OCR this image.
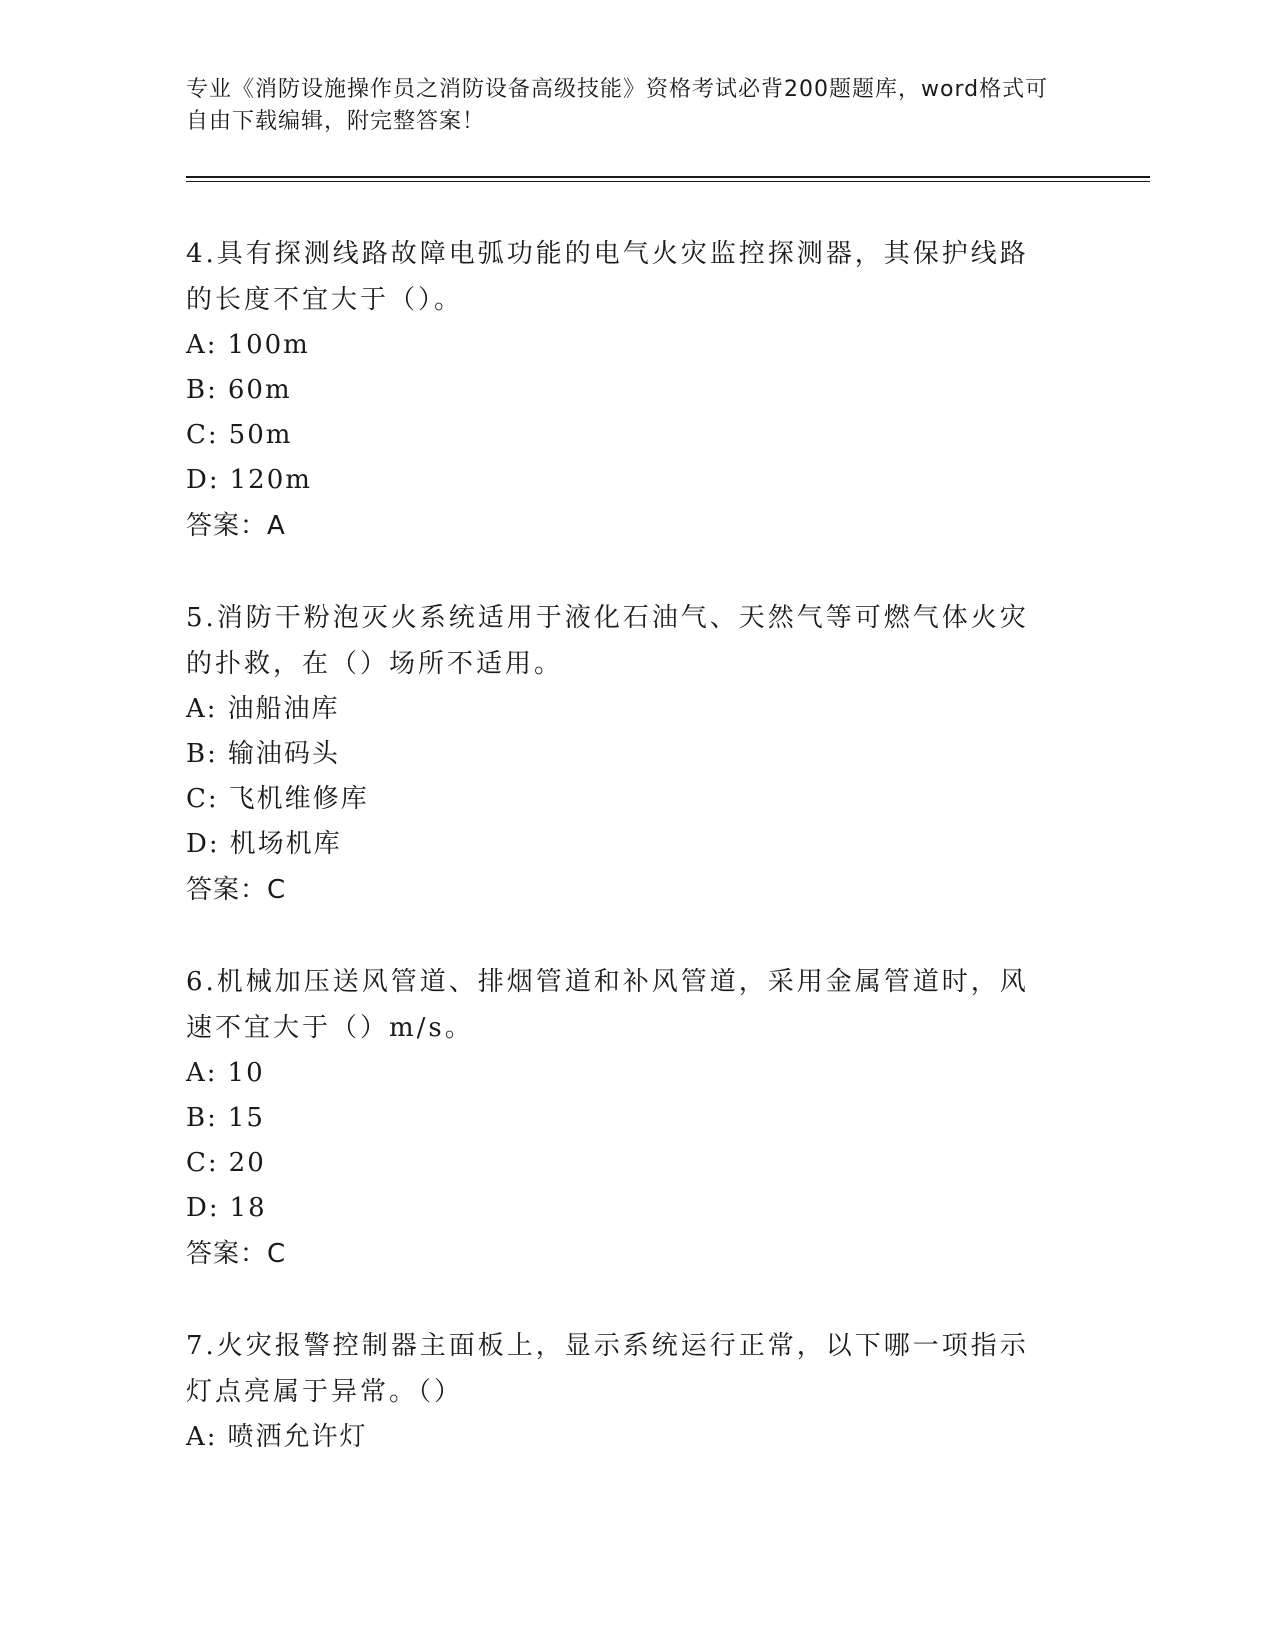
专业《消防设施操作员之消防设备高级技能》资格考试必背200题题库，word格式可自由下载编辑，附完整答案！

4.具有探测线路故障电弧功能的电气火灾监控探测器，其保护线路的长度不宜大于（）。

A: 100m

B: 60m

C: 50m

D: 120m

答案：A

5.消防干粉泡灭火系统适用于液化石油气、天然气等可燃气体火灾的扑救，在（）场所不适用。

A: 油船油库

B: 输油码头

C: 飞机维修库

D: 机场机库

答案：C

6.机械加压送风管道、排烟管道和补风管道，采用金属管道时，风速不宜大于（）m/s。

A: 10

B: 15

C: 20

D: 18

答案：C

7.火灾报警控制器主面板上，显示系统运行正常，以下哪一项指示灯点亮属于异常。（）

A: 喷洒允许灯
